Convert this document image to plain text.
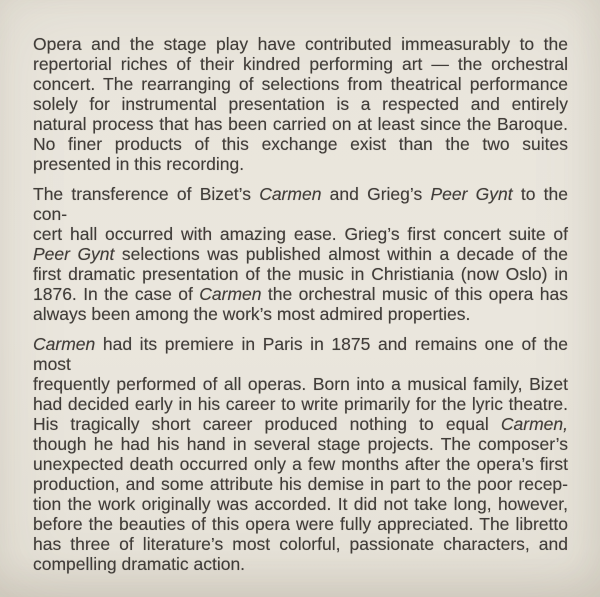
Opera and the stage play have contributed immeasurably to the
repertorial riches of their kindred performing art — the orchestral
concert. The rearranging of selections from theatrical performance
solely for instrumental presentation is a respected and entirely
natural process that has been carried on at least since the Baroque.
No finer products of this exchange exist than the two suites
presented in this recording.
The transference of Bizet’s Carmen and Grieg’s Peer Gynt to the con-
cert hall occurred with amazing ease. Grieg’s first concert suite of
Peer Gynt selections was published almost within a decade of the
first dramatic presentation of the music in Christiania (now Oslo) in
1876. In the case of Carmen the orchestral music of this opera has
always been among the work’s most admired properties.
Carmen had its premiere in Paris in 1875 and remains one of the most
frequently performed of all operas. Born into a musical family, Bizet
had decided early in his career to write primarily for the lyric theatre.
His tragically short career produced nothing to equal Carmen,
though he had his hand in several stage projects. The composer’s
unexpected death occurred only a few months after the opera’s first
production, and some attribute his demise in part to the poor recep-
tion the work originally was accorded. It did not take long, however,
before the beauties of this opera were fully appreciated. The libretto
has three of literature’s most colorful, passionate characters, and
compelling dramatic action.
